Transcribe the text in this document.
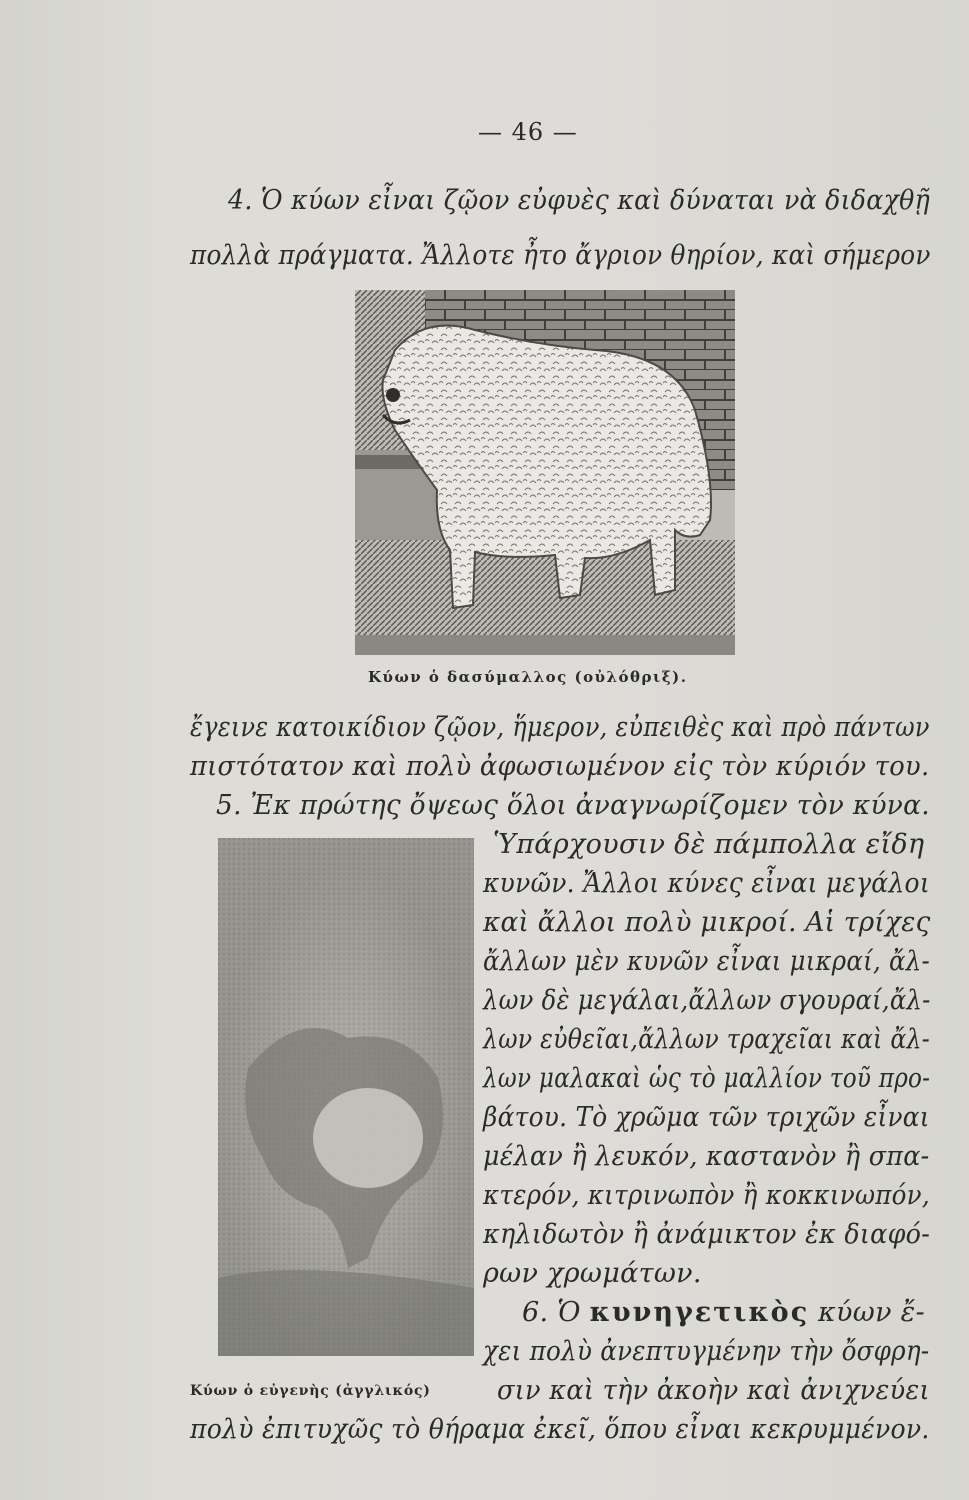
— 46 —
4. Ὁ κύων εἶναι ζῷον εὐφυὲς καὶ δύναται νὰ διδαχθῇ
πολλὰ πράγματα. Ἄλλοτε ἦτο ἄγριον θηρίον, καὶ σήμερον
Κύων ὁ δασύμαλλος (οὐλόθριξ).
ἔγεινε κατοικίδιον ζῷον, ἥμερον, εὐπειθὲς καὶ πρὸ πάντων
πιστότατον καὶ πολὺ ἀφωσιωμένον εἰς τὸν κύριόν του.
5. Ἐκ πρώτης ὄψεως ὅλοι ἀναγνωρίζομεν τὸν κύνα.
Ὑπάρχουσιν δὲ πάμπολλα εἴδη
κυνῶν. Ἄλλοι κύνες εἶναι μεγάλοι
καὶ ἄλλοι πολὺ μικροί. Αἱ τρίχες
ἄλλων μὲν κυνῶν εἶναι μικραί, ἄλ-
λων δὲ μεγάλαι,ἄλλων σγουραί,ἄλ-
λων εὐθεῖαι,ἄλλων τραχεῖαι καὶ ἄλ-
λων μαλακαὶ ὡς τὸ μαλλίον τοῦ προ-
βάτου. Τὸ χρῶμα τῶν τριχῶν εἶναι
μέλαν ἢ λευκόν, καστανὸν ἢ σπα-
κτερόν, κιτρινωπὸν ἢ κοκκινωπόν,
κηλιδωτὸν ἢ ἀνάμικτον ἐκ διαφό-
ρων χρωμάτων.
6. Ὁ κυνηγετικὸς κύων ἔ-
χει πολὺ ἀνεπτυγμένην τὴν ὄσφρη-
Κύων ὁ εὐγενὴς (ἀγγλικός) σιν καὶ τὴν ἀκοὴν καὶ ἀνιχνεύει
πολὺ ἐπιτυχῶς τὸ θήραμα ἐκεῖ, ὅπου εἶναι κεκρυμμένον.
